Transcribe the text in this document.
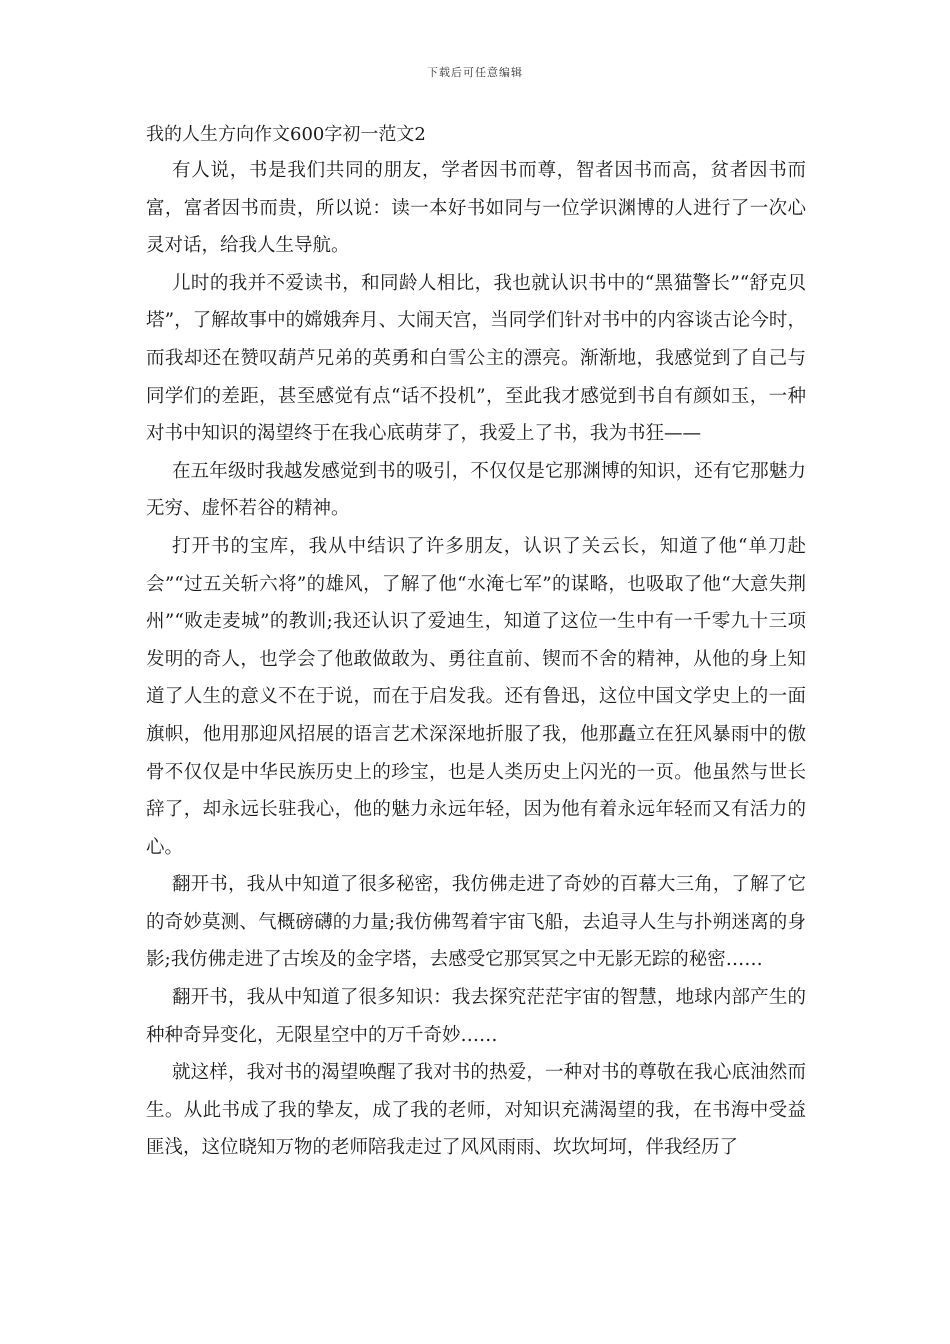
下载后可任意编辑
我的人生方向作文600字初一范文2

有人说，书是我们共同的朋友，学者因书而尊，智者因书而高，贫者因书而富，富者因书而贵，所以说：读一本好书如同与一位学识渊博的人进行了一次心灵对话，给我人生导航。

儿时的我并不爱读书，和同龄人相比，我也就认识书中的“黑猫警长”“舒克贝塔”，了解故事中的嫦娥奔月、大闹天宫，当同学们针对书中的内容谈古论今时，而我却还在赞叹葫芦兄弟的英勇和白雪公主的漂亮。渐渐地，我感觉到了自己与同学们的差距，甚至感觉有点“话不投机”，至此我才感觉到书自有颜如玉，一种对书中知识的渴望终于在我心底萌芽了，我爱上了书，我为书狂——

在五年级时我越发感觉到书的吸引，不仅仅是它那渊博的知识，还有它那魅力无穷、虚怀若谷的精神。

打开书的宝库，我从中结识了许多朋友，认识了关云长，知道了他“单刀赴会”“过五关斩六将”的雄风，了解了他“水淹七军”的谋略，也吸取了他“大意失荆州”“败走麦城”的教训;我还认识了爱迪生，知道了这位一生中有一千零九十三项发明的奇人，也学会了他敢做敢为、勇往直前、锲而不舍的精神，从他的身上知道了人生的意义不在于说，而在于启发我。还有鲁迅，这位中国文学史上的一面旗帜，他用那迎风招展的语言艺术深深地折服了我，他那矗立在狂风暴雨中的傲骨不仅仅是中华民族历史上的珍宝，也是人类历史上闪光的一页。他虽然与世长辞了，却永远长驻我心，他的魅力永远年轻，因为他有着永远年轻而又有活力的心。

翻开书，我从中知道了很多秘密，我仿佛走进了奇妙的百幕大三角，了解了它的奇妙莫测、气概磅礴的力量;我仿佛驾着宇宙飞船，去追寻人生与扑朔迷离的身影;我仿佛走进了古埃及的金字塔，去感受它那冥冥之中无影无踪的秘密……

翻开书，我从中知道了很多知识：我去探究茫茫宇宙的智慧，地球内部产生的种种奇异变化，无限星空中的万千奇妙……

就这样，我对书的渴望唤醒了我对书的热爱，一种对书的尊敬在我心底油然而生。从此书成了我的挚友，成了我的老师，对知识充满渴望的我，在书海中受益匪浅，这位晓知万物的老师陪我走过了风风雨雨、坎坎坷坷，伴我经历了
